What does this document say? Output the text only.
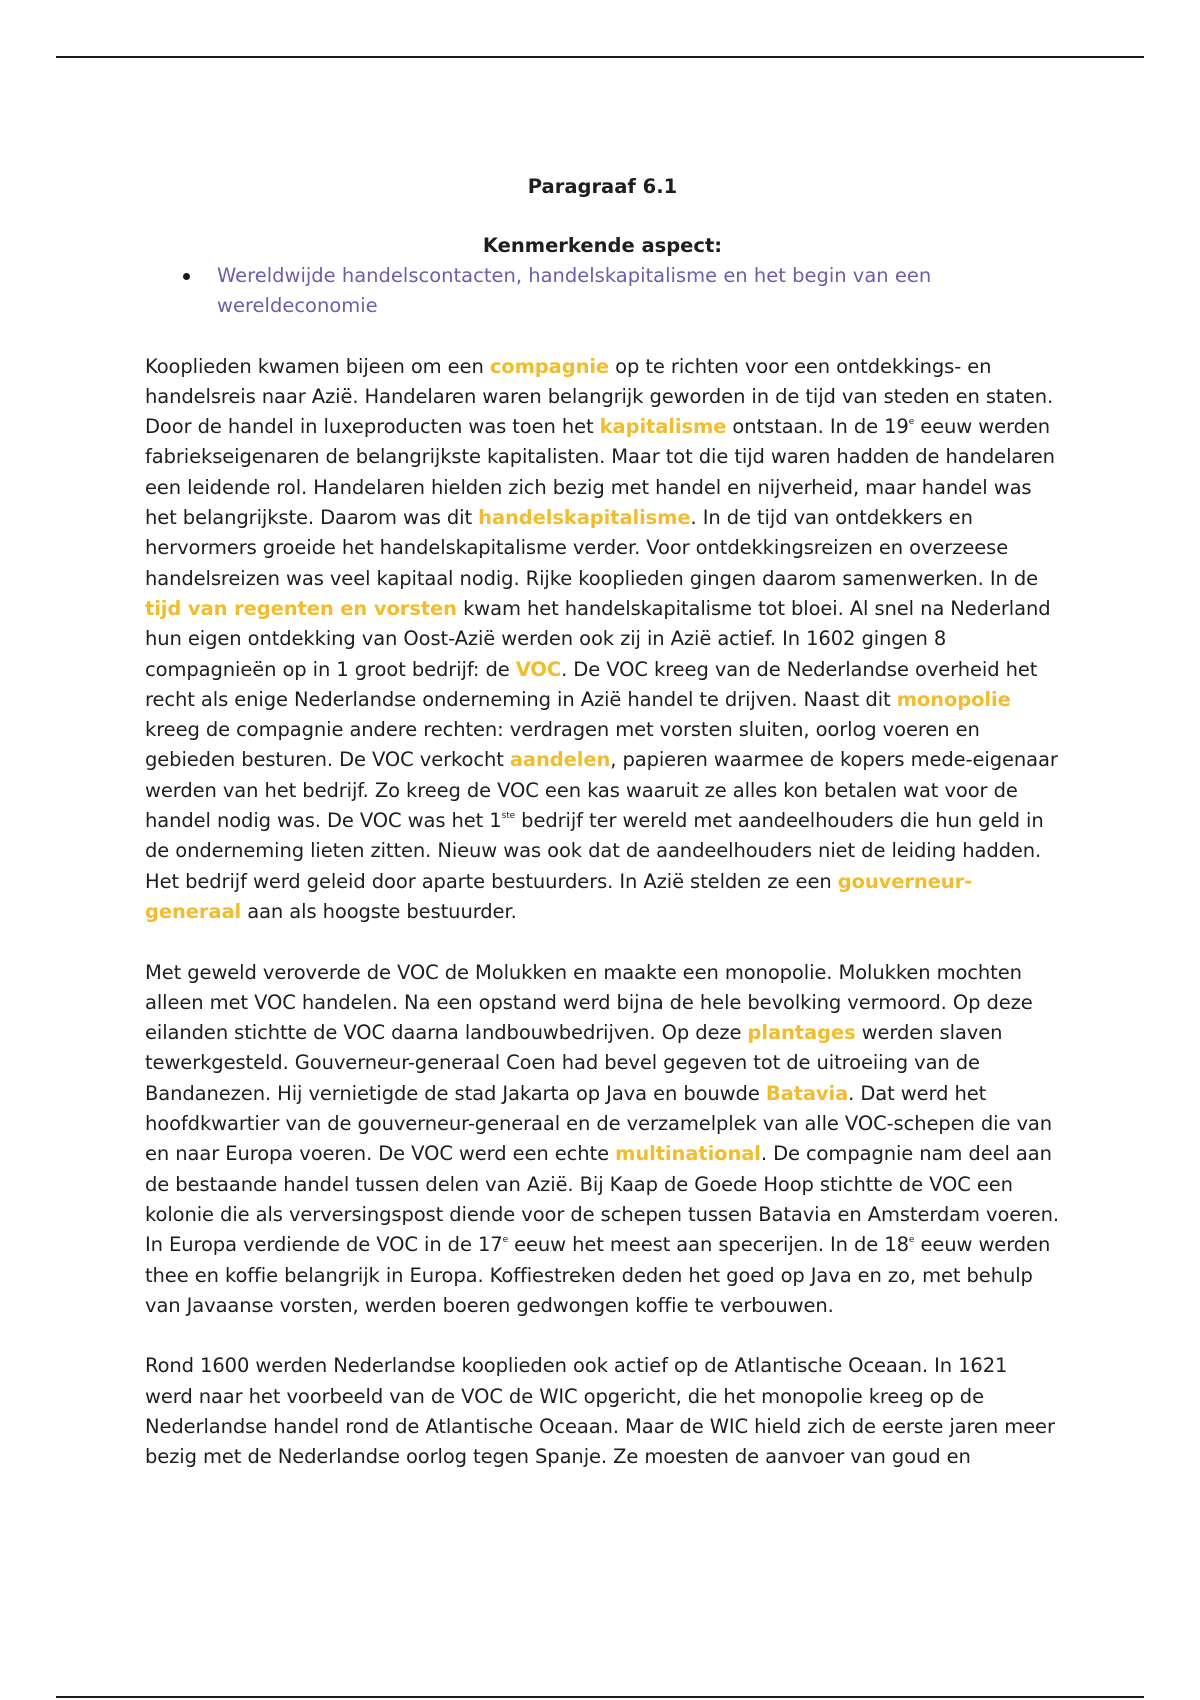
Paragraaf 6.1
Kenmerkende aspect:
Wereldwijde handelscontacten, handelskapitalisme en het begin van een wereldeconomie

Kooplieden kwamen bijeen om een compagnie op te richten voor een ontdekkings- en handelsreis naar Azië. Handelaren waren belangrijk geworden in de tijd van steden en staten. Door de handel in luxeproducten was toen het kapitalisme ontstaan. In de 19e eeuw werden fabriekseigenaren de belangrijkste kapitalisten. Maar tot die tijd waren hadden de handelaren een leidende rol. Handelaren hielden zich bezig met handel en nijverheid, maar handel was het belangrijkste. Daarom was dit handelskapitalisme. In de tijd van ontdekkers en hervormers groeide het handelskapitalisme verder. Voor ontdekkingsreizen en overzeese handelsreizen was veel kapitaal nodig. Rijke kooplieden gingen daarom samenwerken. In de tijd van regenten en vorsten kwam het handelskapitalisme tot bloei. Al snel na Nederland hun eigen ontdekking van Oost-Azië werden ook zij in Azië actief. In 1602 gingen 8 compagnieën op in 1 groot bedrijf: de VOC. De VOC kreeg van de Nederlandse overheid het recht als enige Nederlandse onderneming in Azië handel te drijven. Naast dit monopolie kreeg de compagnie andere rechten: verdragen met vorsten sluiten, oorlog voeren en gebieden besturen. De VOC verkocht aandelen, papieren waarmee de kopers mede-eigenaar werden van het bedrijf. Zo kreeg de VOC een kas waaruit ze alles kon betalen wat voor de handel nodig was. De VOC was het 1ste bedrijf ter wereld met aandeelhouders die hun geld in de onderneming lieten zitten. Nieuw was ook dat de aandeelhouders niet de leiding hadden. Het bedrijf werd geleid door aparte bestuurders. In Azië stelden ze een gouverneur-generaal aan als hoogste bestuurder.

Met geweld veroverde de VOC de Molukken en maakte een monopolie. Molukken mochten alleen met VOC handelen. Na een opstand werd bijna de hele bevolking vermoord. Op deze eilanden stichtte de VOC daarna landbouwbedrijven. Op deze plantages werden slaven tewerkgesteld. Gouverneur-generaal Coen had bevel gegeven tot de uitroeiing van de Bandanezen. Hij vernietigde de stad Jakarta op Java en bouwde Batavia. Dat werd het hoofdkwartier van de gouverneur-generaal en de verzamelplek van alle VOC-schepen die van en naar Europa voeren. De VOC werd een echte multinational. De compagnie nam deel aan de bestaande handel tussen delen van Azië. Bij Kaap de Goede Hoop stichtte de VOC een kolonie die als verversingspost diende voor de schepen tussen Batavia en Amsterdam voeren. In Europa verdiende de VOC in de 17e eeuw het meest aan specerijen. In de 18e eeuw werden thee en koffie belangrijk in Europa. Koffiestreken deden het goed op Java en zo, met behulp van Javaanse vorsten, werden boeren gedwongen koffie te verbouwen.

Rond 1600 werden Nederlandse kooplieden ook actief op de Atlantische Oceaan. In 1621 werd naar het voorbeeld van de VOC de WIC opgericht, die het monopolie kreeg op de Nederlandse handel rond de Atlantische Oceaan. Maar de WIC hield zich de eerste jaren meer bezig met de Nederlandse oorlog tegen Spanje. Ze moesten de aanvoer van goud en
